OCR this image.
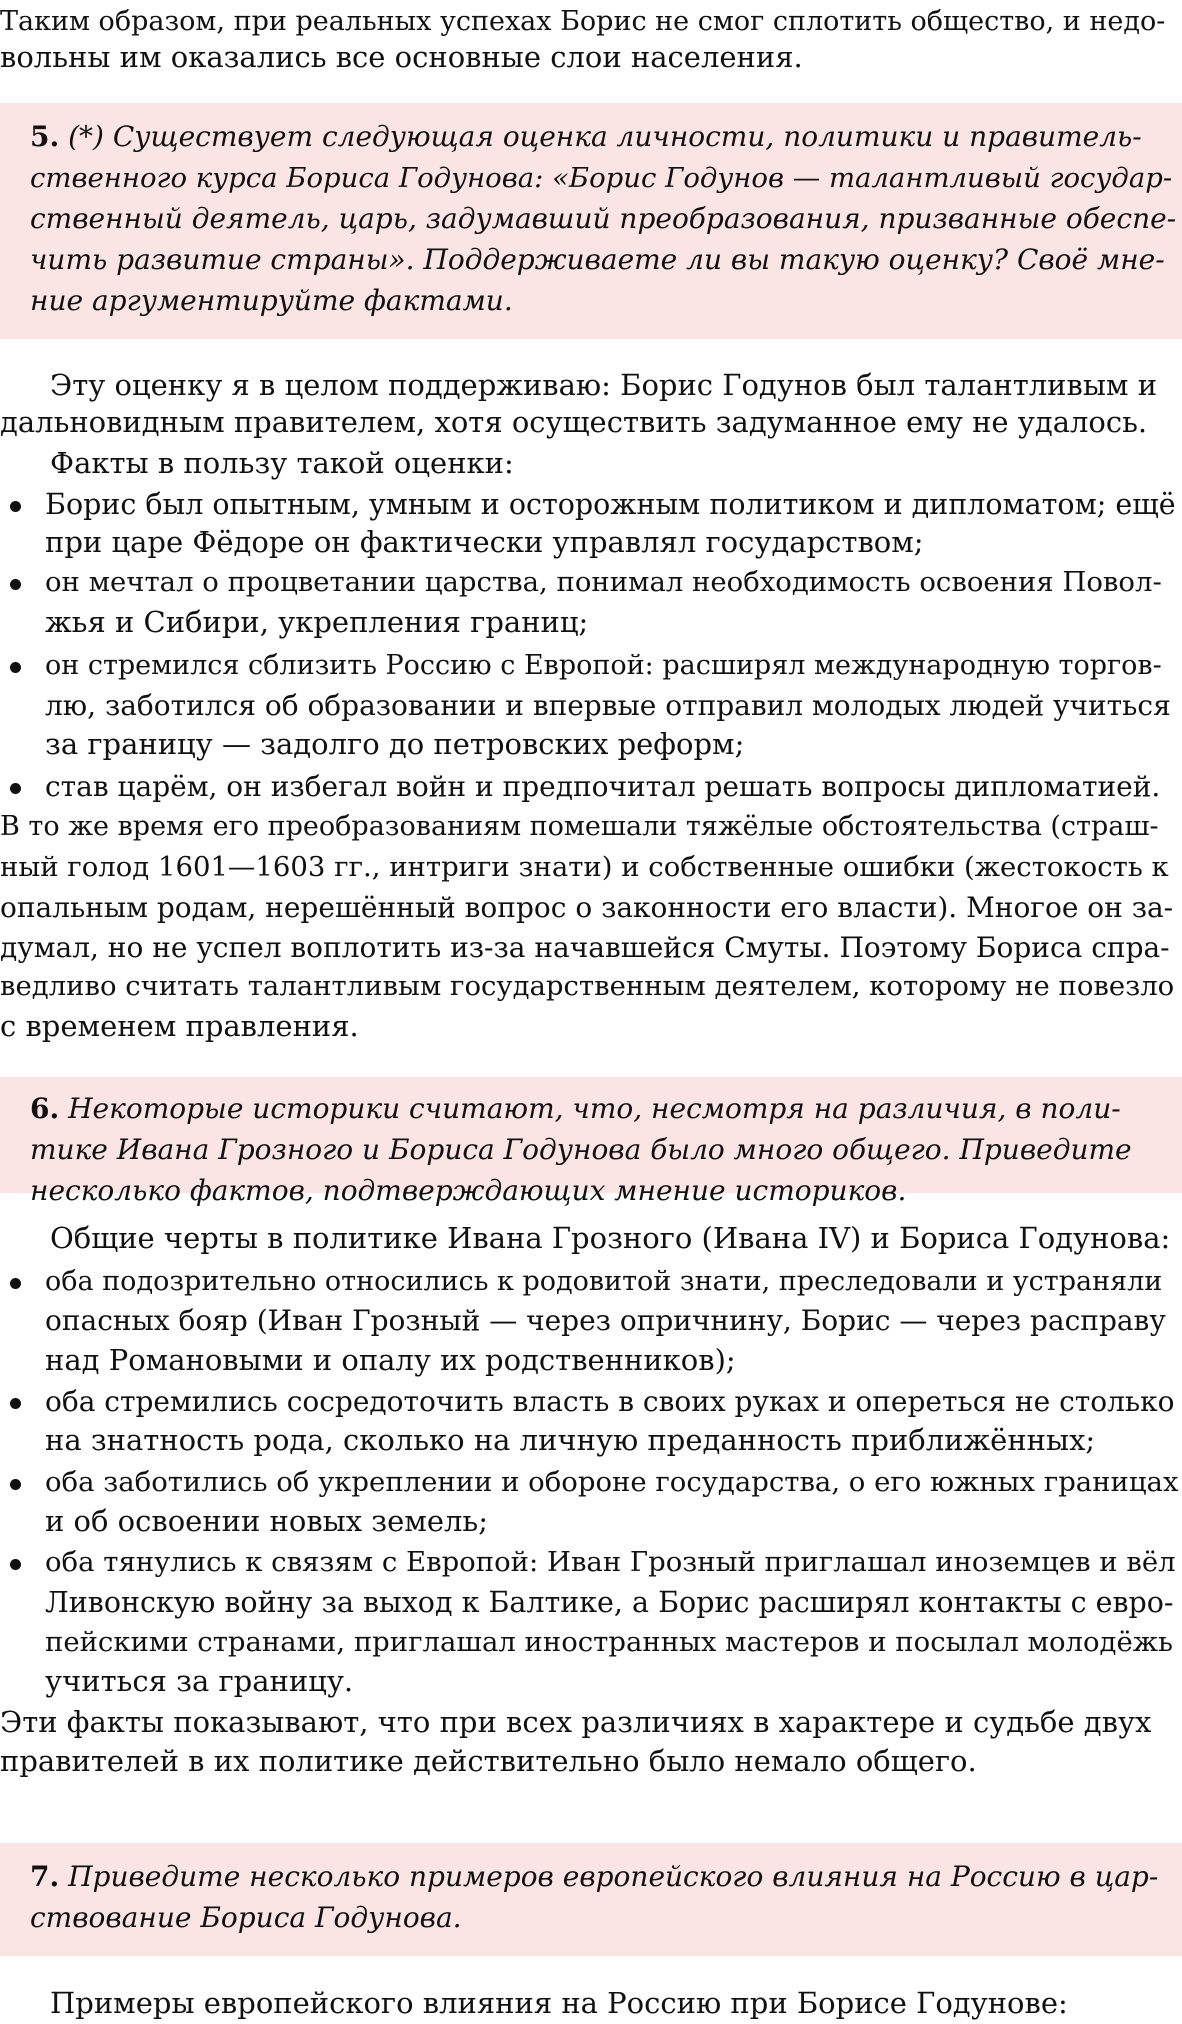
Таким образом, при реальных успехах Борис не смог сплотить общество, и недо-

вольны им оказались все основные слои населения.

5. (*) Существует следующая оценка личности, политики и правитель-

ственного курса Бориса Годунова: «Борис Годунов — талантливый государ-

ственный деятель, царь, задумавший преобразования, призванные обеспе-

чить развитие страны». Поддерживаете ли вы такую оценку? Своё мне-

ние аргументируйте фактами.

Эту оценку я в целом поддерживаю: Борис Годунов был талантливым и

дальновидным правителем, хотя осуществить задуманное ему не удалось.

Факты в пользу такой оценки:

Борис был опытным, умным и осторожным политиком и дипломатом; ещё

при царе Фёдоре он фактически управлял государством;

он мечтал о процветании царства, понимал необходимость освоения Повол-

жья и Сибири, укрепления границ;

он стремился сблизить Россию с Европой: расширял международную торгов-

лю, заботился об образовании и впервые отправил молодых людей учиться

за границу — задолго до петровских реформ;

став царём, он избегал войн и предпочитал решать вопросы дипломатией.

В то же время его преобразованиям помешали тяжёлые обстоятельства (страш-

ный голод 1601—1603 гг., интриги знати) и собственные ошибки (жестокость к

опальным родам, нерешённый вопрос о законности его власти). Многое он за-

думал, но не успел воплотить из-за начавшейся Смуты. Поэтому Бориса спра-

ведливо считать талантливым государственным деятелем, которому не повезло

с временем правления.

6. Некоторые историки считают, что, несмотря на различия, в поли-

тике Ивана Грозного и Бориса Годунова было много общего. Приведите

несколько фактов, подтверждающих мнение историков.

Общие черты в политике Ивана Грозного (Ивана IV) и Бориса Годунова:

оба подозрительно относились к родовитой знати, преследовали и устраняли

опасных бояр (Иван Грозный — через опричнину, Борис — через расправу

над Романовыми и опалу их родственников);

оба стремились сосредоточить власть в своих руках и опереться не столько

на знатность рода, сколько на личную преданность приближённых;

оба заботились об укреплении и обороне государства, о его южных границах

и об освоении новых земель;

оба тянулись к связям с Европой: Иван Грозный приглашал иноземцев и вёл

Ливонскую войну за выход к Балтике, а Борис расширял контакты с евро-

пейскими странами, приглашал иностранных мастеров и посылал молодёжь

учиться за границу.

Эти факты показывают, что при всех различиях в характере и судьбе двух

правителей в их политике действительно было немало общего.

7. Приведите несколько примеров европейского влияния на Россию в цар-

ствование Бориса Годунова.

Примеры европейского влияния на Россию при Борисе Годунове:
